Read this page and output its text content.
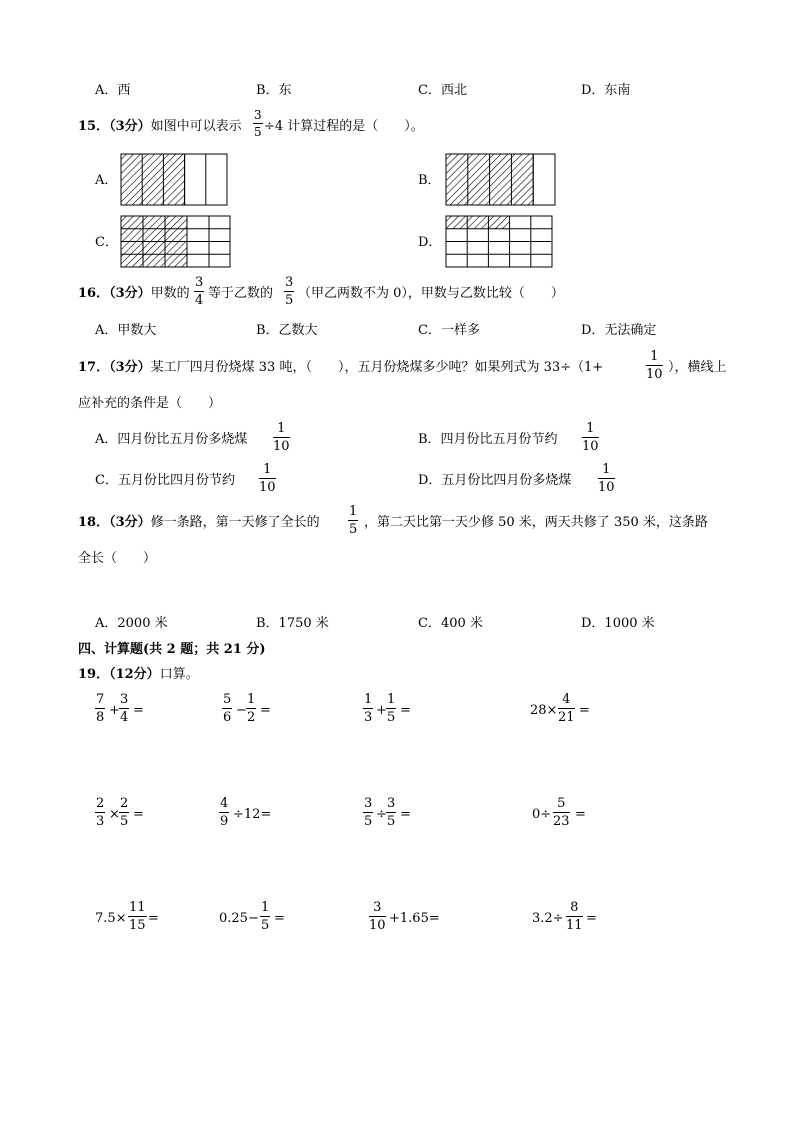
A．西	B．东	C．西北	D．东南
15．（3分）如图中可以表示 $\frac{3}{5} \div 4$ 计算过程的是（　　）。
A．	B．
C．	D．
16．（3分）甲数的 $\frac{3}{4}$ 等于乙数的 $\frac{3}{5}$ （甲乙两数不为 0），甲数与乙数比较（　　）
A．甲数大	B．乙数大	C．一样多	D．无法确定
17．（3分）某工厂四月份烧煤 33 吨，（　　），五月份烧煤多少吨？如果列式为 33÷（1+	$\frac{1}{10}$ ），横线上
应补充的条件是（　　）
A．四月份比五月份多烧煤 $\frac{1}{10}$	B．四月份比五月份节约 $\frac{1}{10}$
C．五月份比四月份节约 $\frac{1}{10}$	D．五月份比四月份多烧煤 $\frac{1}{10}$
18．（3分）修一条路，第一天修了全长的 $\frac{1}{5}$ ，第二天比第一天少修 50 米，两天共修了 350 米，这条路
全长（　　）
A．2000 米	B．1750 米	C．400 米	D．1000 米
四、计算题(共 2 题；共 21 分)
19．（12分）口算。
$\frac{7}{8} + \frac{3}{4}$ =	$\frac{5}{6} - \frac{1}{2}$ =	$\frac{1}{3} + \frac{1}{5}$ =	$28\times \frac{4}{21}$ =
$\frac{2}{3} \times \frac{2}{5}$ =	$\frac{4}{9} \div 12=$	$\frac{3}{5} \div \frac{3}{5}$ =	$0\div \frac{5}{23}$ =
$7.5\times \frac{11}{15}$ =	$0.25- \frac{1}{5}$ =	$\frac{3}{10} +1.65=$	$3.2\div \frac{8}{11}$ =
